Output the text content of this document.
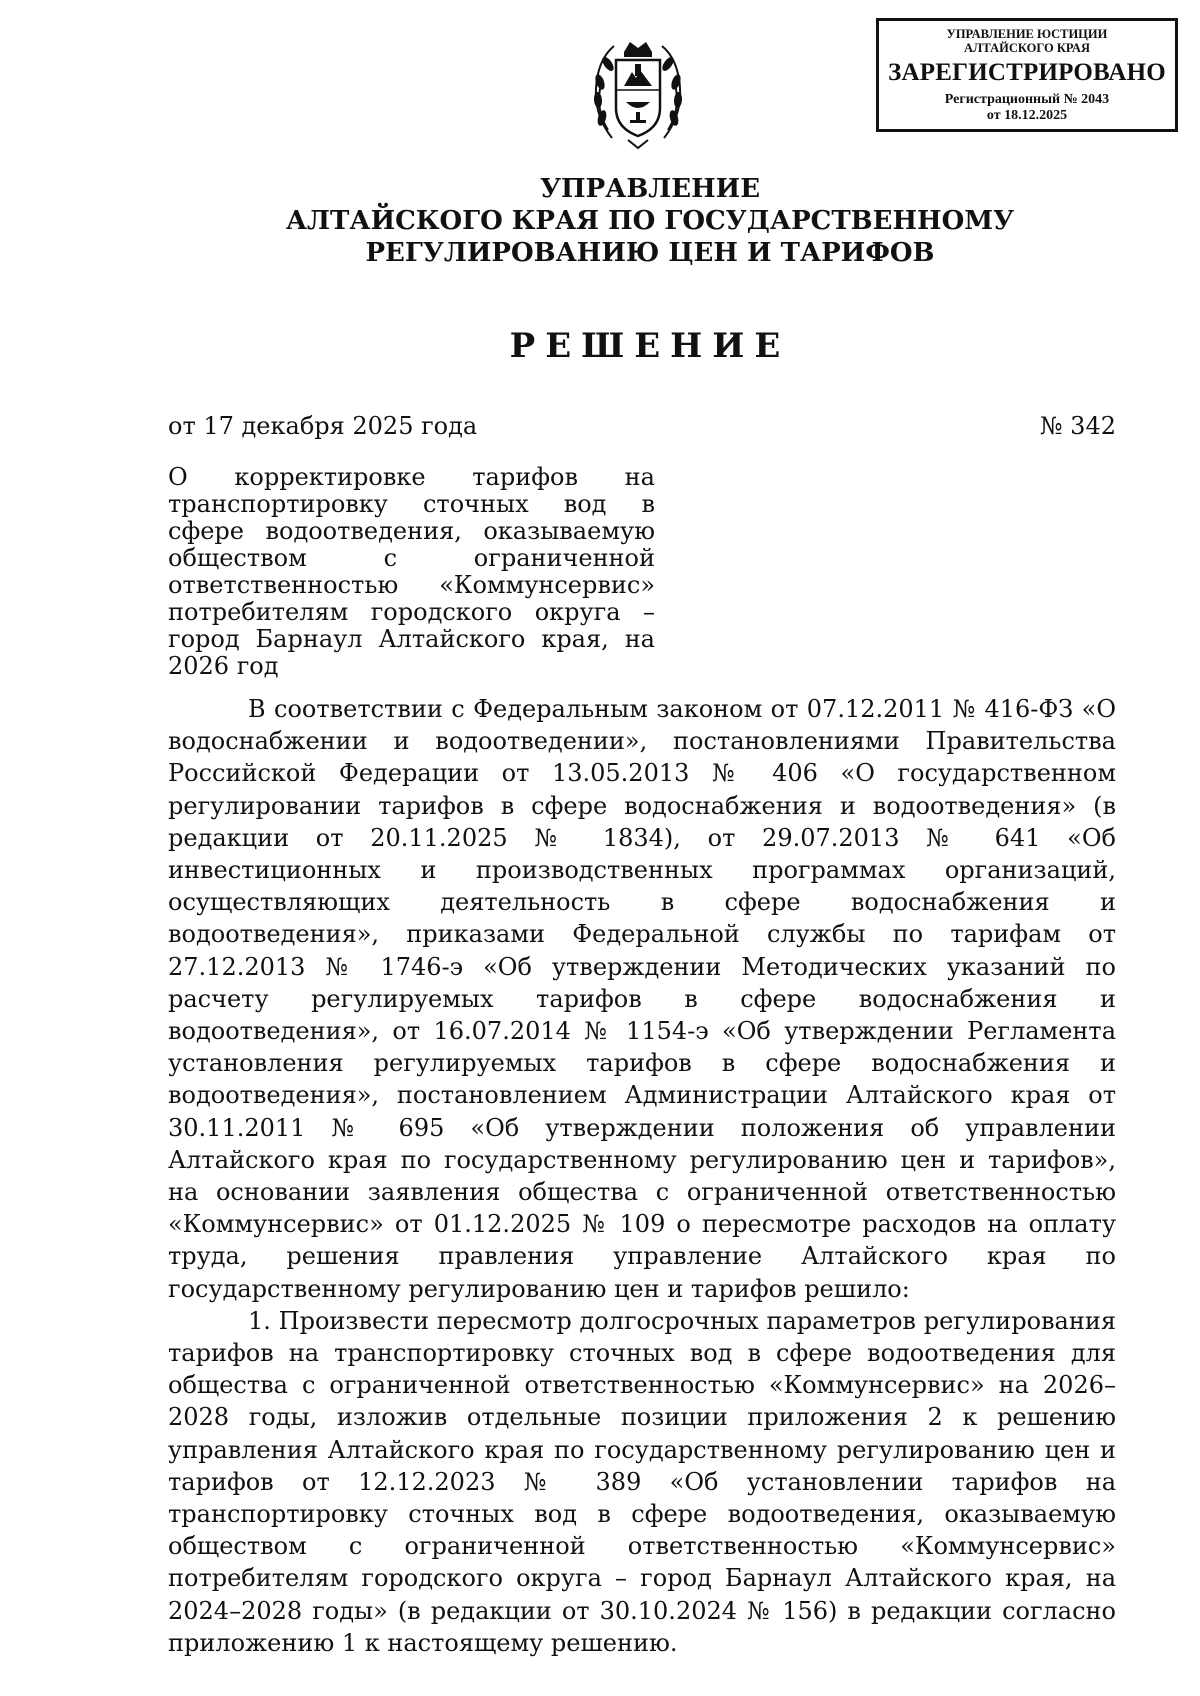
УПРАВЛЕНИЕ ЮСТИЦИИ
АЛТАЙСКОГО КРАЯ
ЗАРЕГИСТРИРОВАНО
Регистрационный № 2043
от 18.12.2025
УПРАВЛЕНИЕ
АЛТАЙСКОГО КРАЯ ПО ГОСУДАРСТВЕННОМУ
РЕГУЛИРОВАНИЮ ЦЕН И ТАРИФОВ
РЕШЕНИЕ
от 17 декабря 2025 года	№ 342

О корректировке тарифов на транспортировку сточных вод в сфере водоотведения, оказываемую обществом с ограниченной ответственностью «Коммунсервис» потребителям городского округа – город Барнаул Алтайского края, на 2026 год

В соответствии с Федеральным законом от 07.12.2011 № 416-ФЗ «О водоснабжении и водоотведении», постановлениями Правительства Российской Федерации от 13.05.2013 № 406 «О государственном регулировании тарифов в сфере водоснабжения и водоотведения» (в редакции от 20.11.2025 № 1834), от 29.07.2013 № 641 «Об инвестиционных и производственных программах организаций, осуществляющих деятельность в сфере водоснабжения и водоотведения», приказами Федеральной службы по тарифам от 27.12.2013 № 1746-э «Об утверждении Методических указаний по расчету регулируемых тарифов в сфере водоснабжения и водоотведения», от 16.07.2014 № 1154-э «Об утверждении Регламента установления регулируемых тарифов в сфере водоснабжения и водоотведения», постановлением Администрации Алтайского края от 30.11.2011 № 695 «Об утверждении положения об управлении Алтайского края по государственному регулированию цен и тарифов», на основании заявления общества с ограниченной ответственностью «Коммунсервис» от 01.12.2025 № 109 о пересмотре расходов на оплату труда, решения правления управление Алтайского края по государственному регулированию цен и тарифов решило:

1. Произвести пересмотр долгосрочных параметров регулирования тарифов на транспортировку сточных вод в сфере водоотведения для общества с ограниченной ответственностью «Коммунсервис» на 2026–2028 годы, изложив отдельные позиции приложения 2 к решению управления Алтайского края по государственному регулированию цен и тарифов от 12.12.2023 № 389 «Об установлении тарифов на транспортировку сточных вод в сфере водоотведения, оказываемую обществом с ограниченной ответственностью «Коммунсервис» потребителям городского округа – город Барнаул Алтайского края, на 2024–2028 годы» (в редакции от 30.10.2024 № 156) в редакции согласно приложению 1 к настоящему решению.
